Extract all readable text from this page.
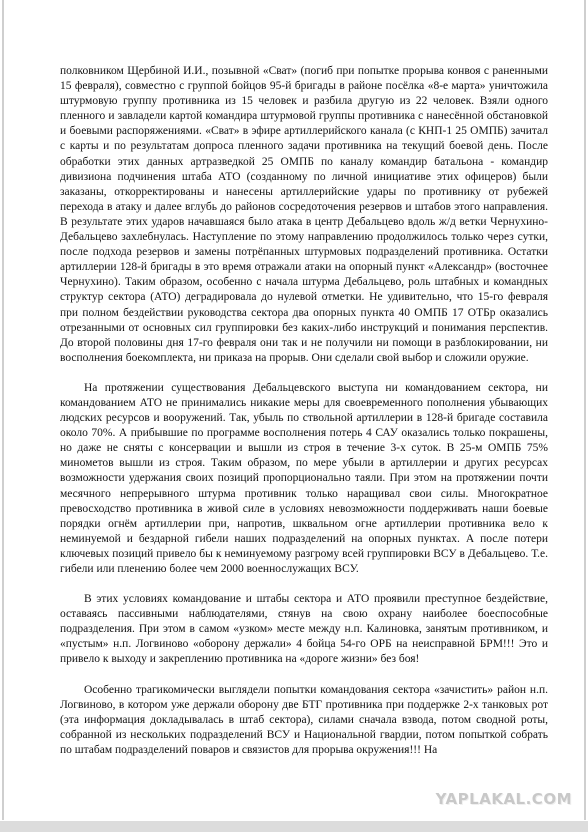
полковником Щербиной И.И., позывной «Сват» (погиб при попытке прорыва конвоя с раненными 15 февраля), совместно с группой бойцов 95-й бригады в районе посёлка «8-е марта» уничтожила штурмовую группу противника из 15 человек и разбила другую из 22 человек. Взяли одного пленного и завладели картой командира штурмовой группы противника с нанесённой обстановкой и боевыми распоряжениями. «Сват» в эфире артиллерийского канала (с КНП-1 25 ОМПБ) зачитал с карты и по результатам допроса пленного задачи противника на текущий боевой день. После обработки этих данных артразведкой 25 ОМПБ по каналу командир батальона - командир дивизиона подчинения штаба АТО (созданному по личной инициативе этих офицеров) были заказаны, откорректированы и нанесены артиллерийские удары по противнику от рубежей перехода в атаку и далее вглубь до районов сосредоточения резервов и штабов этого направления. В результате этих ударов начавшаяся было атака в центр Дебальцево вдоль ж/д ветки Чернухино-Дебальцево захлебнулась. Наступление по этому направлению продолжилось только через сутки, после подхода резервов и замены потрёпанных штурмовых подразделений противника. Остатки артиллерии 128-й бригады в это время отражали атаки на опорный пункт «Александр» (восточнее Чернухино). Таким образом, особенно с начала штурма Дебальцево, роль штабных и командных структур сектора (АТО) деградировала до нулевой отметки. Не удивительно, что 15-го февраля при полном бездействии руководства сектора два опорных пункта 40 ОМПБ 17 ОТБр оказались отрезанными от основных сил группировки без каких-либо инструкций и понимания перспектив. До второй половины дня 17-го февраля они так и не получили ни помощи в разблокировании, ни восполнения боекомплекта, ни приказа на прорыв. Они сделали свой выбор и сложили оружие.

На протяжении существования Дебальцевского выступа ни командованием сектора, ни командованием АТО не принимались никакие меры для своевременного пополнения убывающих людских ресурсов и вооружений. Так, убыль по ствольной артиллерии в 128-й бригаде составила около 70%. А прибывшие по программе восполнения потерь 4 САУ оказались только покрашены, но даже не сняты с консервации и вышли из строя в течение 3-х суток. В 25-м ОМПБ 75% минометов вышли из строя. Таким образом, по мере убыли в артиллерии и других ресурсах возможности удержания своих позиций пропорционально таяли. При этом на протяжении почти месячного непрерывного штурма противник только наращивал свои силы. Многократное превосходство противника в живой силе в условиях невозможности поддерживать наши боевые порядки огнём артиллерии при, напротив, шквальном огне артиллерии противника вело к неминуемой и бездарной гибели наших подразделений на опорных пунктах. А после потери ключевых позиций привело бы к неминуемому разгрому всей группировки ВСУ в Дебальцево. Т.е. гибели или пленению более чем 2000 военнослужащих ВСУ.

В этих условиях командование и штабы сектора и АТО проявили преступное бездействие, оставаясь пассивными наблюдателями, стянув на свою охрану наиболее боеспособные подразделения. При этом в самом «узком» месте между н.п. Калиновка, занятым противником, и «пустым» н.п. Логвиново «оборону держали» 4 бойца 54-го ОРБ на неисправной БРМ!!! Это и привело к выходу и закреплению противника на «дороге жизни» без боя!

Особенно трагикомически выглядели попытки командования сектора «зачистить» район н.п. Логвиново, в котором уже держали оборону две БТГ противника при поддержке 2-х танковых рот (эта информация докладывалась в штаб сектора), силами сначала взвода, потом сводной роты, собранной из нескольких подразделений ВСУ и Национальной гвардии, потом попыткой собрать по штабам подразделений поваров и связистов для прорыва окружения!!! На

YAPLAKAL.COM
